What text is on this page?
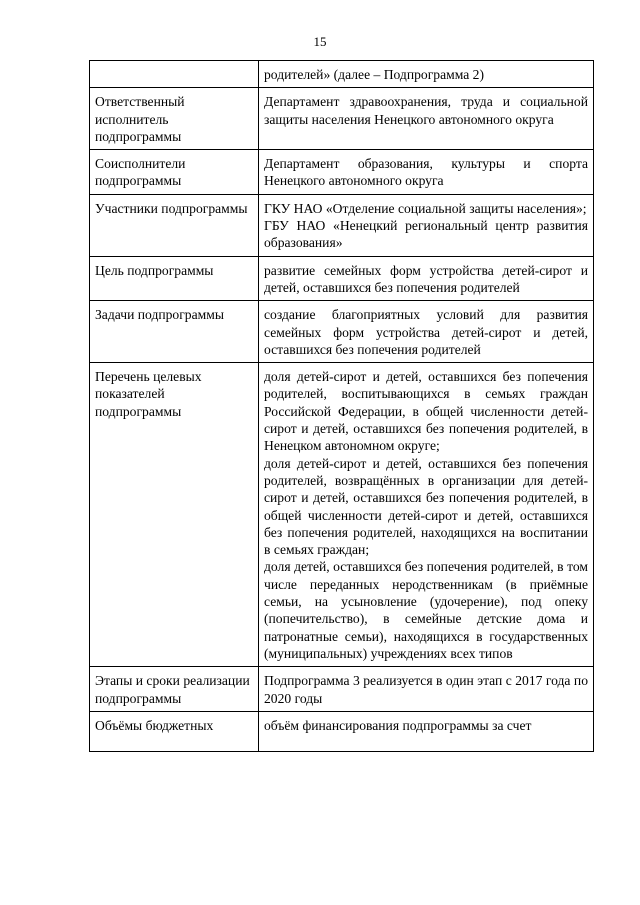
15

	родителей» (далее – Подпрограмма 2)

Ответственный исполнитель подпрограммы	Департамент здравоохранения, труда и социальной защиты населения Ненецкого автономного округа

Соисполнители подпрограммы	Департамент образования, культуры и спорта Ненецкого автономного округа

Участники подпрограммы	ГКУ НАО «Отделение социальной защиты населения»;

ГБУ НАО «Ненецкий региональный центр развития образования»

Цель подпрограммы	развитие семейных форм устройства детей-сирот и детей, оставшихся без попечения родителей

Задачи подпрограммы	создание благоприятных условий для развития семейных форм устройства детей-сирот и детей, оставшихся без попечения родителей

Перечень целевых показателей подпрограммы	доля детей-сирот и детей, оставшихся без попечения родителей, воспитывающихся в семьях граждан Российской Федерации, в общей численности детей-сирот и детей, оставшихся без попечения родителей, в Ненецком автономном округе;

доля детей-сирот и детей, оставшихся без попечения родителей, возвращённых в организации для детей-сирот и детей, оставшихся без попечения родителей, в общей численности детей-сирот и детей, оставшихся без попечения родителей, находящихся на воспитании в семьях граждан;

доля детей, оставшихся без попечения родителей, в том числе переданных неродственникам (в приёмные семьи, на усыновление (удочерение), под опеку (попечительство), в семейные детские дома и патронатные семьи), находящихся в государственных (муниципальных) учреждениях всех типов

Этапы и сроки реализации подпрограммы	Подпрограмма 3 реализуется в один этап с 2017 года по 2020 годы

Объёмы бюджетных	объём финансирования подпрограммы за счет
